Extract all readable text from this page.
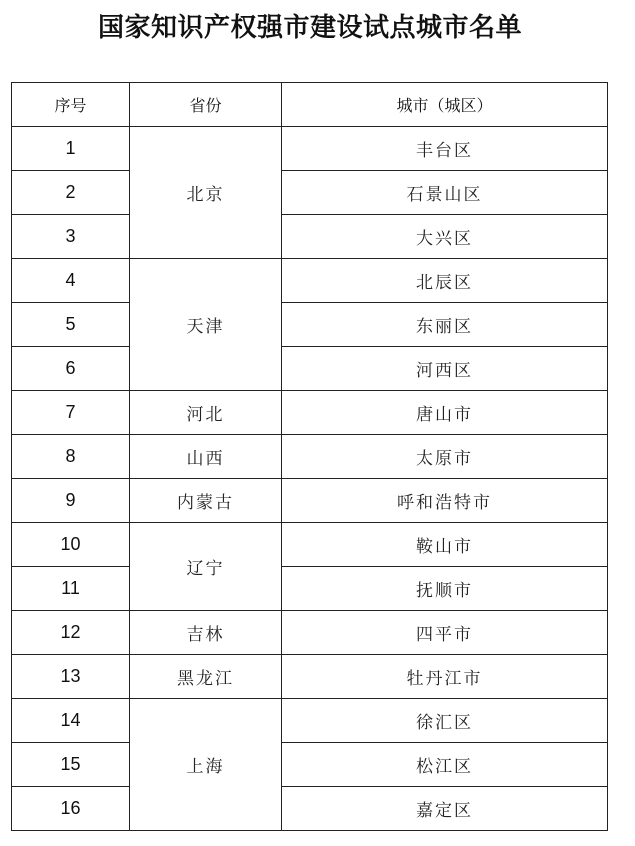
国家知识产权强市建设试点城市名单
序号	省份	城市（城区）
1	北京	丰台区
2		石景山区
3		大兴区
4	天津	北辰区
5		东丽区
6		河西区
7	河北	唐山市
8	山西	太原市
9	内蒙古	呼和浩特市
10	辽宁	鞍山市
11		抚顺市
12	吉林	四平市
13	黑龙江	牡丹江市
14	上海	徐汇区
15		松江区
16		嘉定区
